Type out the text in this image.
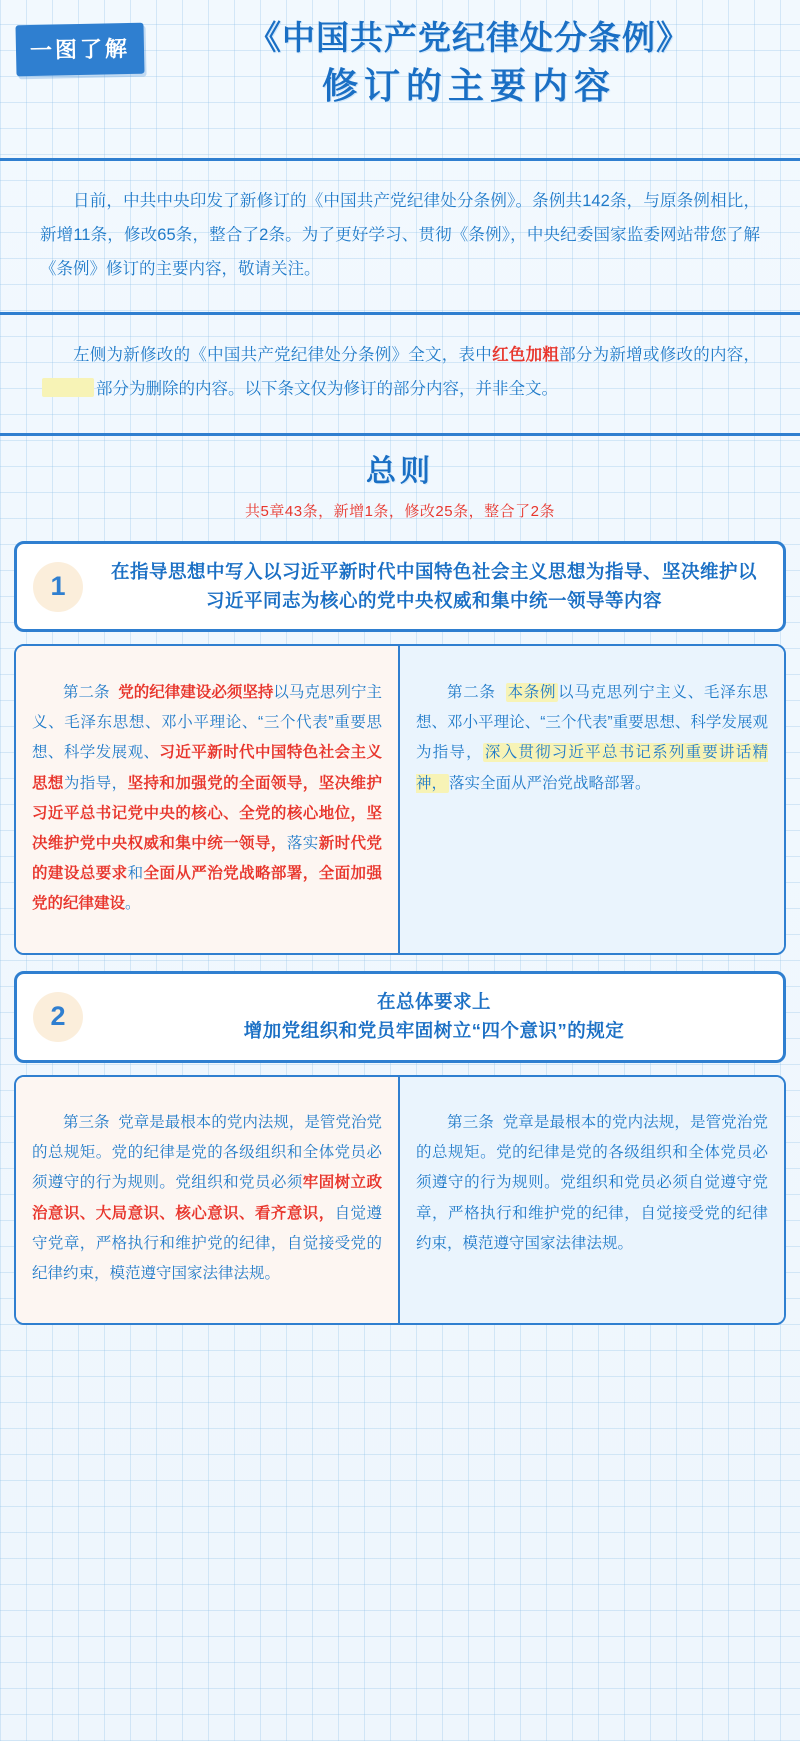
一图了解	《中国共产党纪律处分条例》
修订的主要内容
日前，中共中央印发了新修订的《中国共产党纪律处分条例》。条例共142条，与原条例相比，新增11条，修改65条，整合了2条。为了更好学习、贯彻《条例》，中央纪委国家监委网站带您了解《条例》修订的主要内容，敬请关注。
左侧为新修改的《中国共产党纪律处分条例》全文，表中红色加粗部分为新增或修改的内容，部分为删除的内容。以下条文仅为修订的部分内容，并非全文。
总则
共5章43条，新增1条，修改25条，整合了2条
1	在指导思想中写入以习近平新时代中国特色社会主义思想为指导、坚决维护以习近平同志为核心的党中央权威和集中统一领导等内容

第二条 党的纪律建设必须坚持以马克思列宁主义、毛泽东思想、邓小平理论、“三个代表”重要思想、科学发展观、习近平新时代中国特色社会主义思想为指导，坚持和加强党的全面领导，坚决维护习近平总书记党中央的核心、全党的核心地位，坚决维护党中央权威和集中统一领导，落实新时代党的建设总要求和全面从严治党战略部署，全面加强党的纪律建设。

第二条 本条例 以马克思列宁主义、毛泽东思想、邓小平理论、“三个代表”重要思想、科学发展观为指导， 深入贯彻习近平总书记系列重要讲话精神， 落实全面从严治党战略部署。

2	在总体要求上
增加党组织和党员牢固树立“四个意识”的规定

第三条 党章是最根本的党内法规，是管党治党的总规矩。党的纪律是党的各级组织和全体党员必须遵守的行为规则。党组织和党员必须牢固树立政治意识、大局意识、核心意识、看齐意识，自觉遵守党章，严格执行和维护党的纪律，自觉接受党的纪律约束，模范遵守国家法律法规。

第三条 党章是最根本的党内法规，是管党治党的总规矩。党的纪律是党的各级组织和全体党员必须遵守的行为规则。党组织和党员必须自觉遵守党章，严格执行和维护党的纪律，自觉接受党的纪律约束，模范遵守国家法律法规。
